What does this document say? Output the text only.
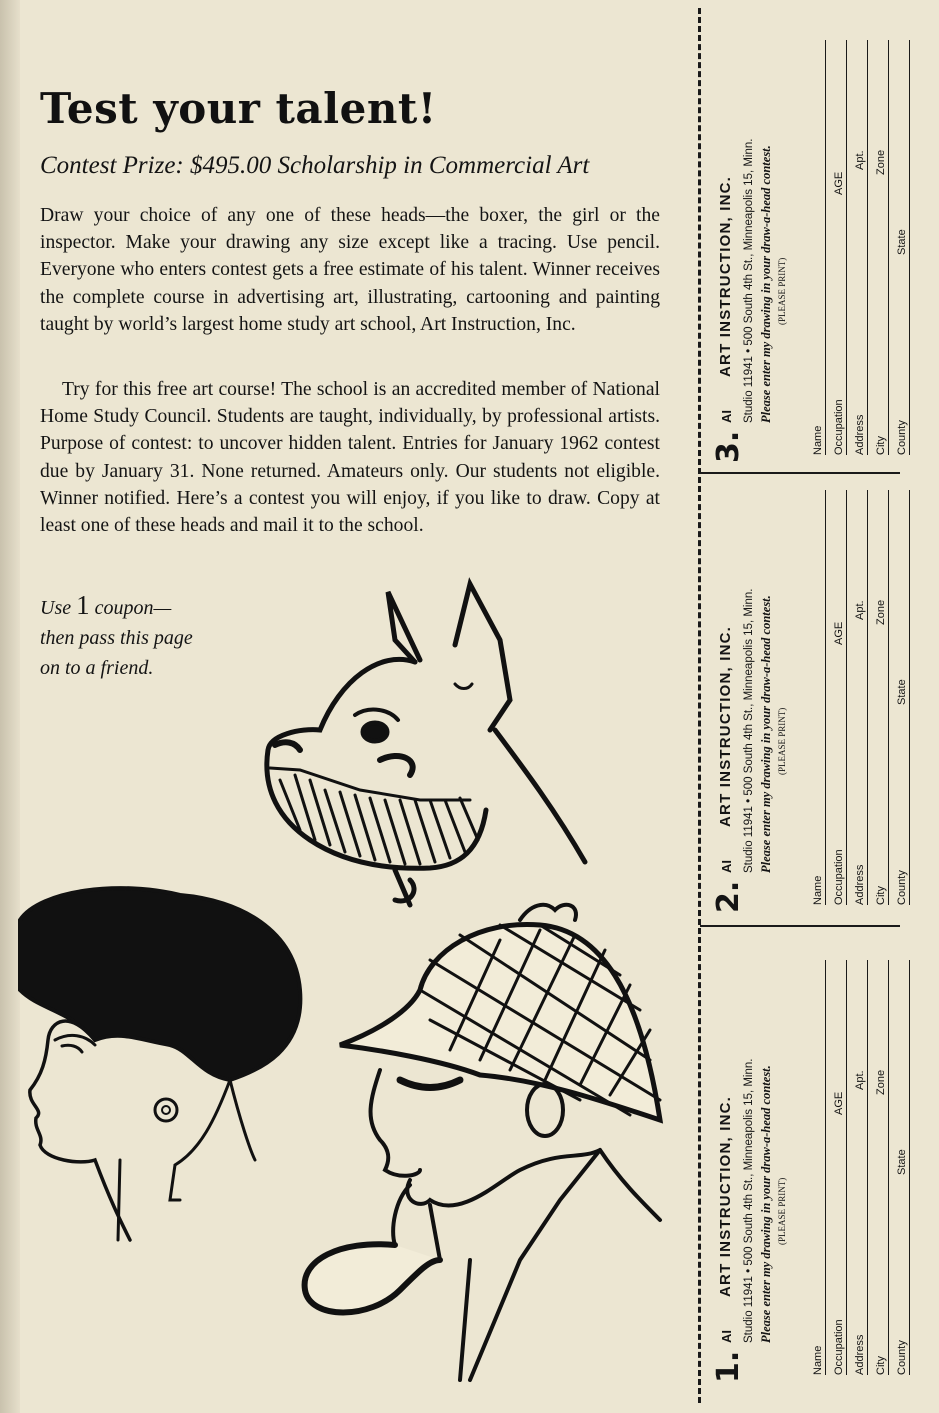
Test your talent!
Contest Prize: $495.00 Scholarship in Commercial Art

Draw your choice of any one of these heads—the boxer, the girl or the inspector. Make your drawing any size except like a tracing. Use pencil. Everyone who enters contest gets a free estimate of his talent. Winner receives the complete course in advertising art, illustrating, cartooning and painting taught by world’s largest home study art school, Art Instruction, Inc.

Try for this free art course! The school is an accredited member of National Home Study Council. Students are taught, individually, by professional artists. Purpose of contest: to uncover hidden talent. Entries for January 1962 contest due by January 31. None returned. Amateurs only. Our students not eligible. Winner notified. Here’s a contest you will enjoy, if you like to draw. Copy at least one of these heads and mail it to the school.

Use 1 coupon—
then pass this page
on to a friend.
3.
AI
ART INSTRUCTION, INC. Studio 11941 • 500 South 4th St., Minneapolis 15, Minn. Please enter my drawing in your draw-a-head contest. (PLEASE PRINT)
Name Occupation
AGE
Address
Apt.
City
Zone
County
State
2.
AI
ART INSTRUCTION, INC. Studio 11941 • 500 South 4th St., Minneapolis 15, Minn. Please enter my drawing in your draw-a-head contest. (PLEASE PRINT)
Name Occupation
AGE
Address
Apt.
City
Zone
County
State
1.
AI
ART INSTRUCTION, INC. Studio 11941 • 500 South 4th St., Minneapolis 15, Minn. Please enter my drawing in your draw-a-head contest. (PLEASE PRINT)
Name Occupation
AGE
Address
Apt.
City
Zone
County
State
